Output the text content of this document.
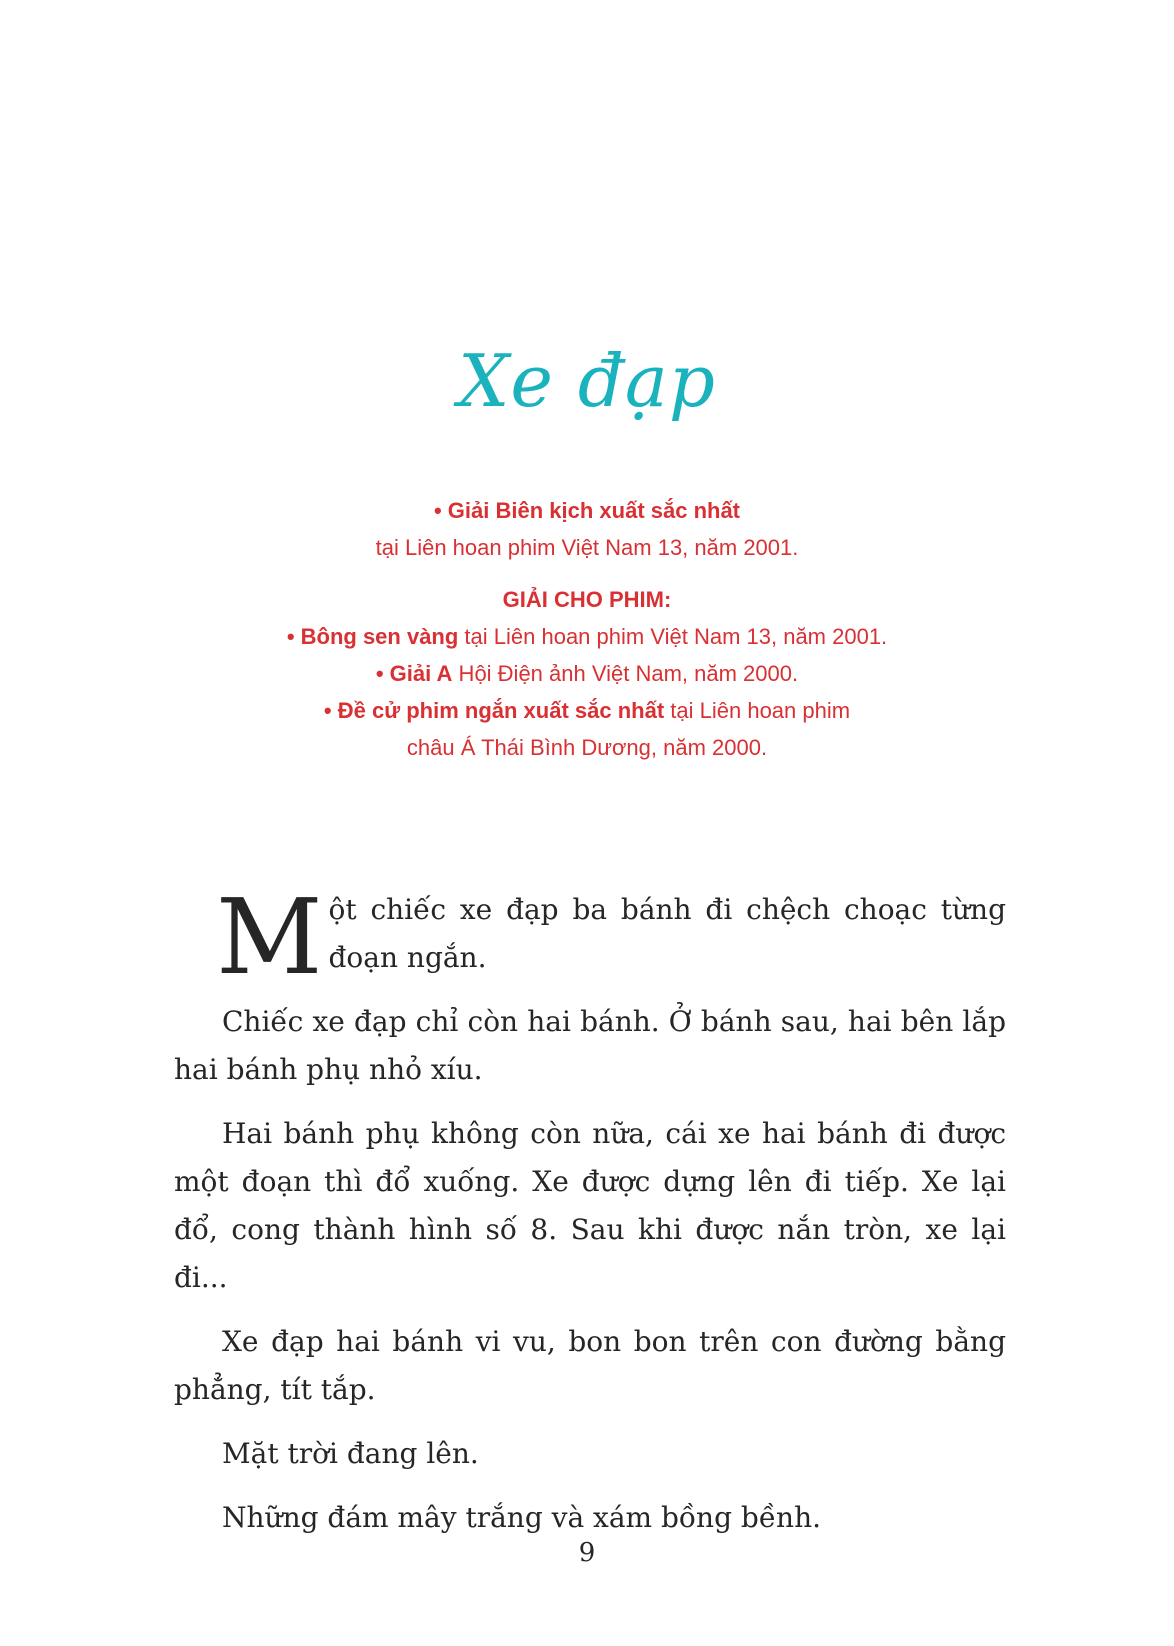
Xe đạp
• Giải Biên kịch xuất sắc nhất
tại Liên hoan phim Việt Nam 13, năm 2001.
GIẢI CHO PHIM:
• Bông sen vàng tại Liên hoan phim Việt Nam 13, năm 2001.
• Giải A Hội Điện ảnh Việt Nam, năm 2000.
• Đề cử phim ngắn xuất sắc nhất tại Liên hoan phim
châu Á Thái Bình Dương, năm 2000.

Một chiếc xe đạp ba bánh đi chệch choạc từng đoạn ngắn.

Chiếc xe đạp chỉ còn hai bánh. Ở bánh sau, hai bên lắp hai bánh phụ nhỏ xíu.

Hai bánh phụ không còn nữa, cái xe hai bánh đi được một đoạn thì đổ xuống. Xe được dựng lên đi tiếp. Xe lại đổ, cong thành hình số 8. Sau khi được nắn tròn, xe lại đi...

Xe đạp hai bánh vi vu, bon bon trên con đường bằng phẳng, tít tắp.

Mặt trời đang lên.

Những đám mây trắng và xám bồng bềnh.

9
